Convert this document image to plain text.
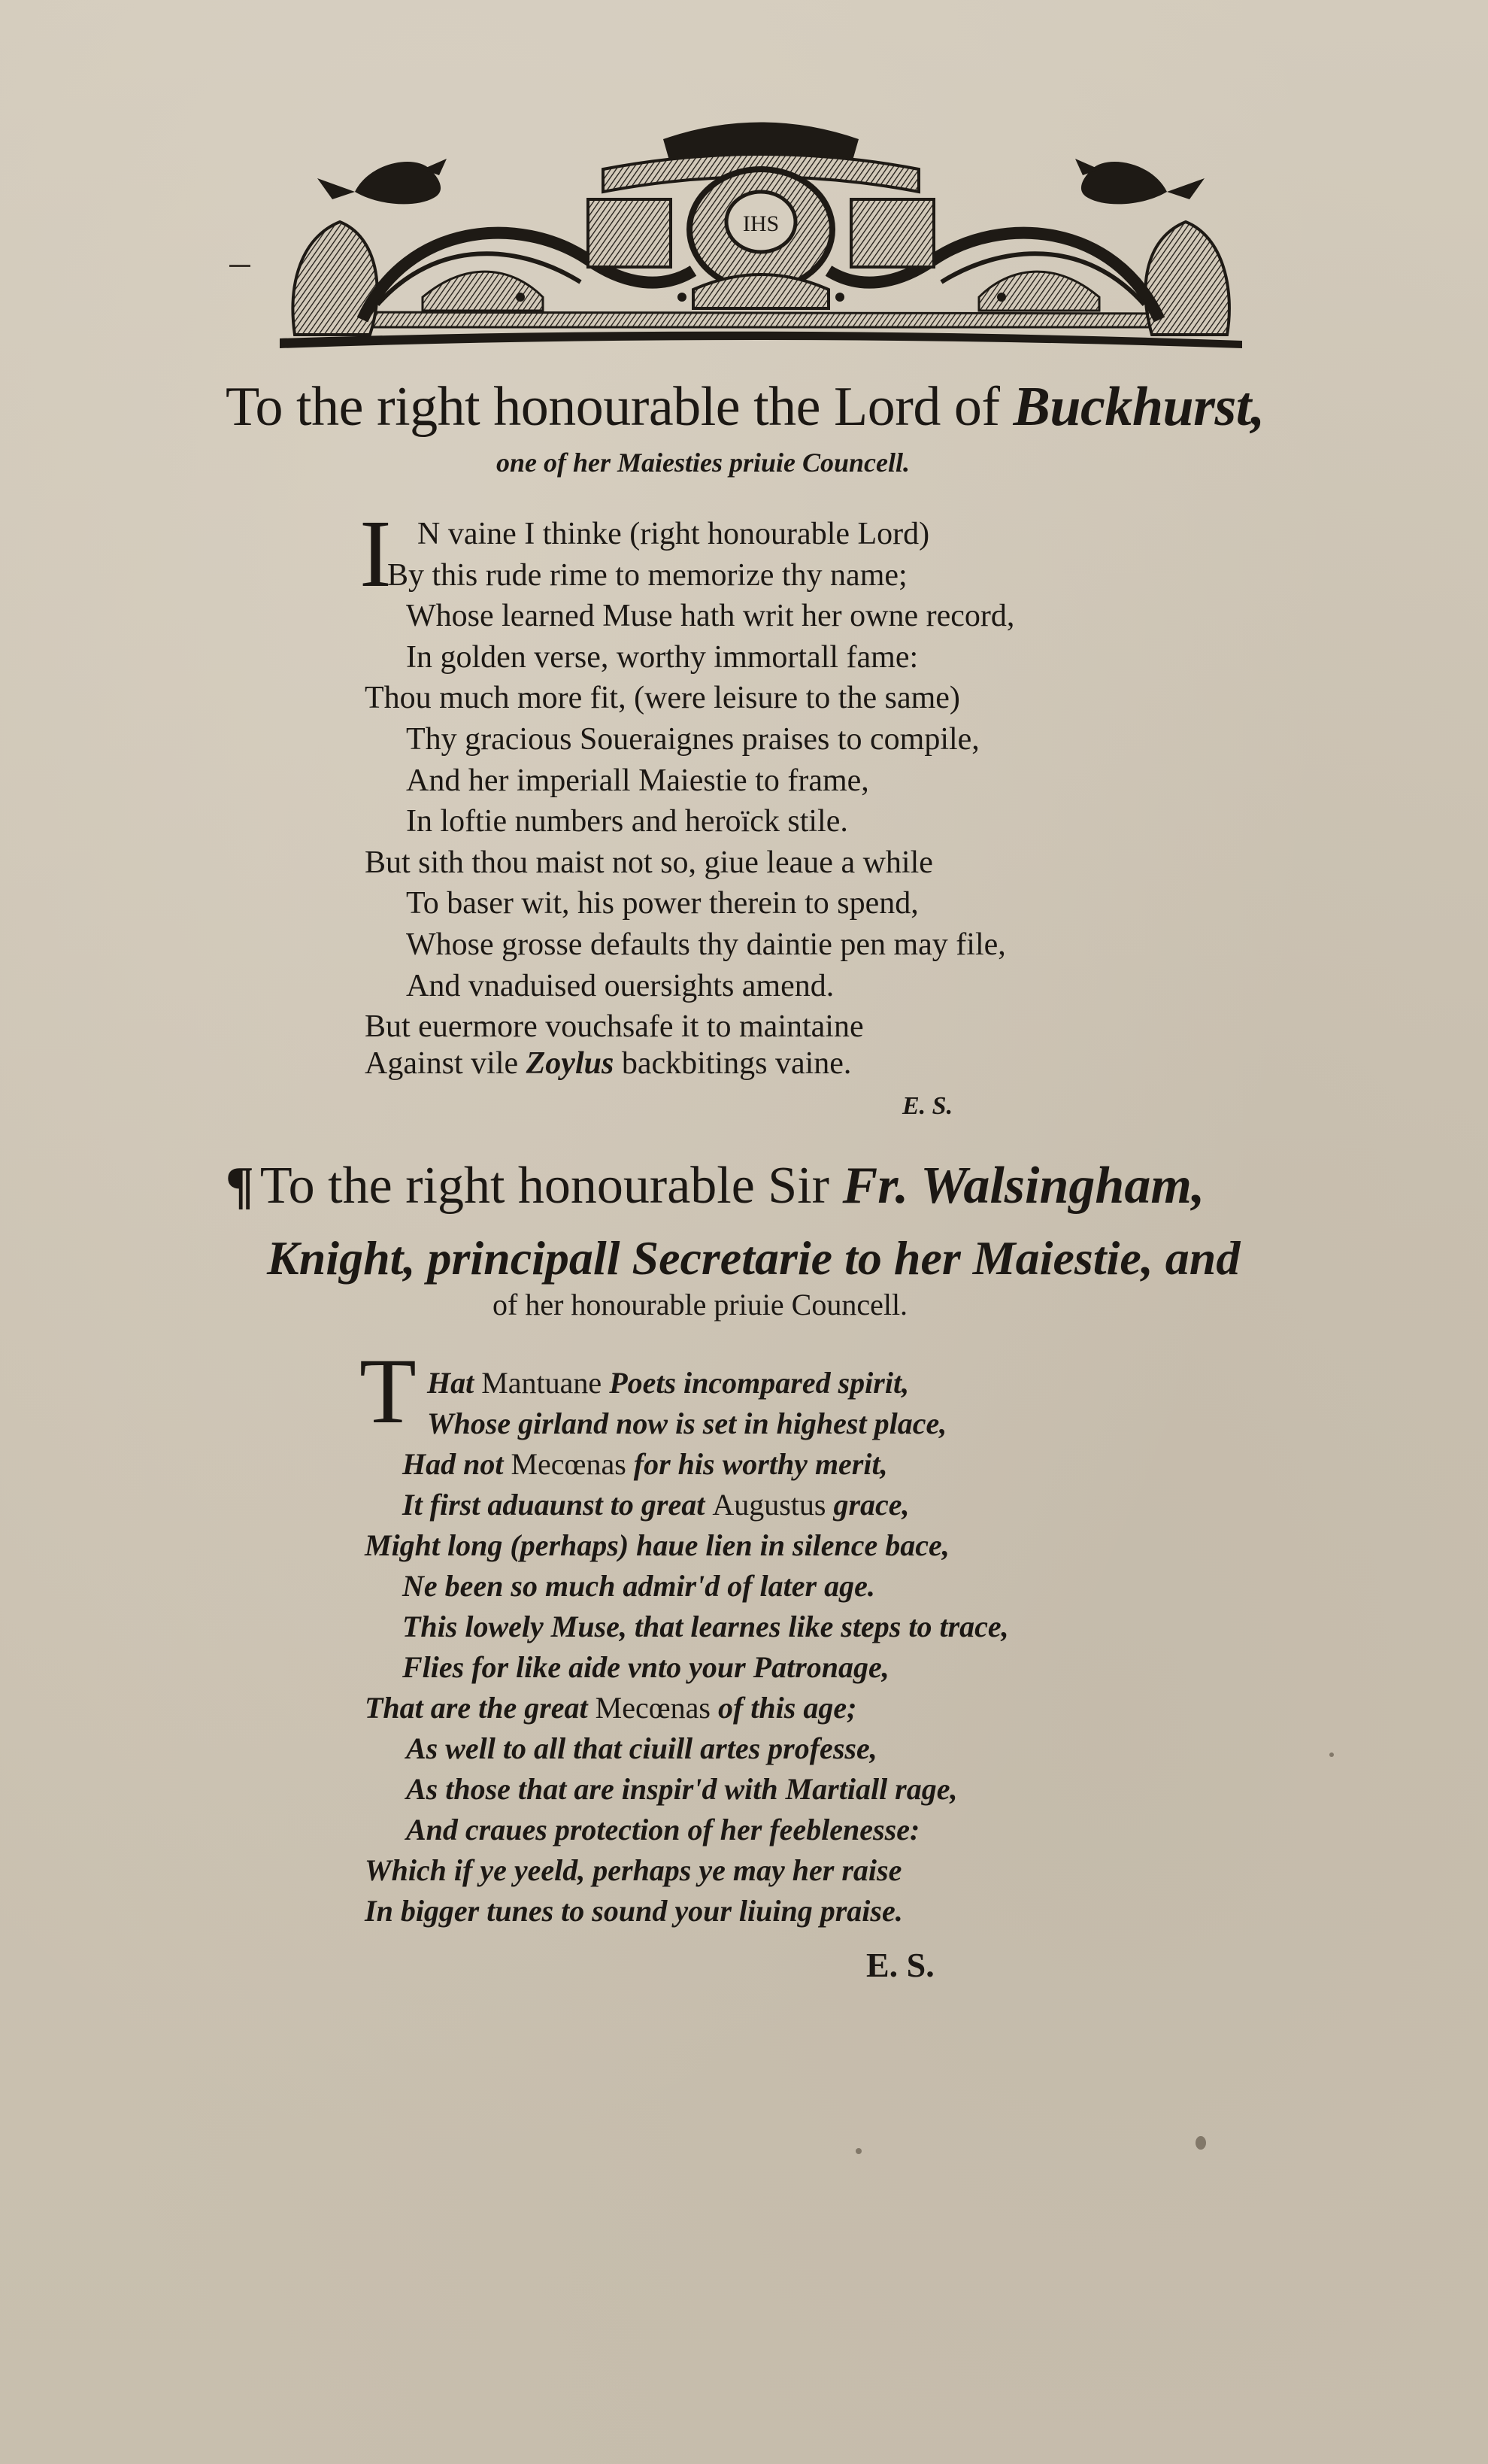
IHS
To the right honourable the Lord of Buckhurst,
one of her Maiesties priuie Councell.
I N vaine I thinke (right honourable Lord)
By this rude rime to memorize thy name;
Whose learned Muse hath writ her owne record,
In golden verse, worthy immortall fame:
Thou much more fit, (were leisure to the same)
Thy gracious Soueraignes praises to compile,
And her imperiall Maiestie to frame,
In loftie numbers and heroïck stile.
But sith thou maist not so, giue leaue a while
To baser wit, his power therein to spend,
Whose grosse defaults thy daintie pen may file,
And vnaduised ouersights amend.
But euermore vouchsafe it to maintaine
Against vile Zoylus backbitings vaine.
E. S.
¶ To the right honourable Sir Fr. Walsingham,
Knight, principall Secretarie to her Maiestie, and
of her honourable priuie Councell.
T Hat Mantuane Poets incompared spirit,
Whose girland now is set in highest place,
Had not Mecœnas for his worthy merit,
It first aduaunst to great Augustus grace,
Might long (perhaps) haue lien in silence bace,
Ne been so much admir'd of later age.
This lowely Muse, that learnes like steps to trace,
Flies for like aide vnto your Patronage,
That are the great Mecœnas of this age;
As well to all that ciuill artes professe,
As those that are inspir'd with Martiall rage,
And craues protection of her feeblenesse:
Which if ye yeeld, perhaps ye may her raise
In bigger tunes to sound your liuing praise.
E. S.
